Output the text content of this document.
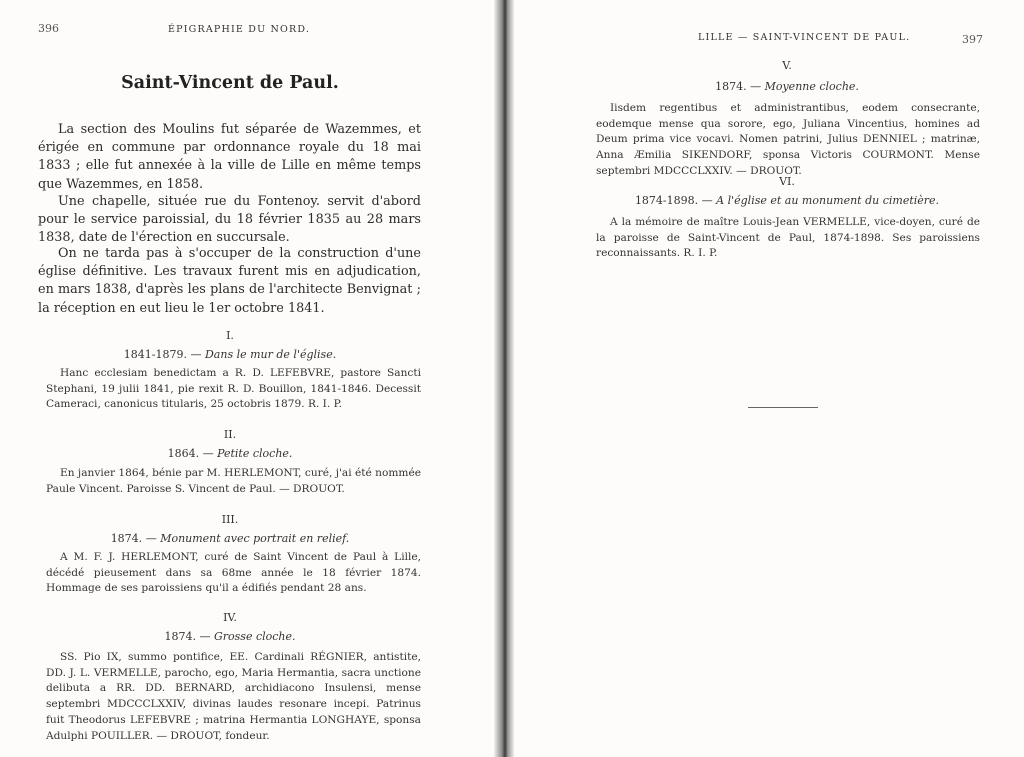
396	ÉPIGRAPHIE DU NORD.
Saint-Vincent de Paul.

La section des Moulins fut séparée de Wazemmes, et érigée en commune par ordonnance royale du 18 mai 1833 ; elle fut annexée à la ville de Lille en même temps que Wazemmes, en 1858.

Une chapelle, située rue du Fontenoy. servit d'abord pour le service paroissial, du 18 février 1835 au 28 mars 1838, date de l'érection en succursale.

On ne tarda pas à s'occuper de la construction d'une église définitive. Les travaux furent mis en adjudication, en mars 1838, d'après les plans de l'architecte Benvignat ; la réception en eut lieu le 1er octobre 1841.

I.
1841-1879. — Dans le mur de l'église.

Hanc ecclesiam benedictam a R. D. LEFEBVRE, pastore Sancti Stephani, 19 julii 1841, pie rexit R. D. Bouillon, 1841-1846. Decessit Cameraci, canonicus titularis, 25 octobris 1879. R. I. P.

II.
1864. — Petite cloche.

En janvier 1864, bénie par M. HERLEMONT, curé, j'ai été nommée Paule Vincent. Paroisse S. Vincent de Paul. — DROUOT.

III.
1874. — Monument avec portrait en relief.

A M. F. J. HERLEMONT, curé de Saint Vincent de Paul à Lille, décédé pieusement dans sa 68me année le 18 février 1874. Hommage de ses paroissiens qu'il a édifiés pendant 28 ans.

IV.
1874. — Grosse cloche.

SS. Pio IX, summo pontifice, EE. Cardinali RÉGNIER, antistite, DD. J. L. VERMELLE, parocho, ego, Maria Hermantia, sacra unctione delibuta a RR. DD. BERNARD, archidiacono Insulensi, mense septembri MDCCCLXXIV, divinas laudes resonare incepi. Patrinus fuit Theodorus LEFEBVRE ; matrina Hermantia LONGHAYE, sponsa Adulphi POUILLER. — DROUOT, fondeur.

LILLE — SAINT-VINCENT DE PAUL.	397
V.
1874. — Moyenne cloche.

Iisdem regentibus et administrantibus, eodem consecrante, eodemque mense qua sorore, ego, Juliana Vincentius, homines ad Deum prima vice vocavi. Nomen patrini, Julius DENNIEL ; matrinæ, Anna Æmilia SIKENDORF, sponsa Victoris COURMONT. Mense septembri MDCCCLXXIV. — DROUOT.

VI.
1874-1898. — A l'église et au monument du cimetière.

A la mémoire de maître Louis-Jean VERMELLE, vice-doyen, curé de la paroisse de Saint-Vincent de Paul, 1874-1898. Ses paroissiens reconnaissants. R. I. P.
